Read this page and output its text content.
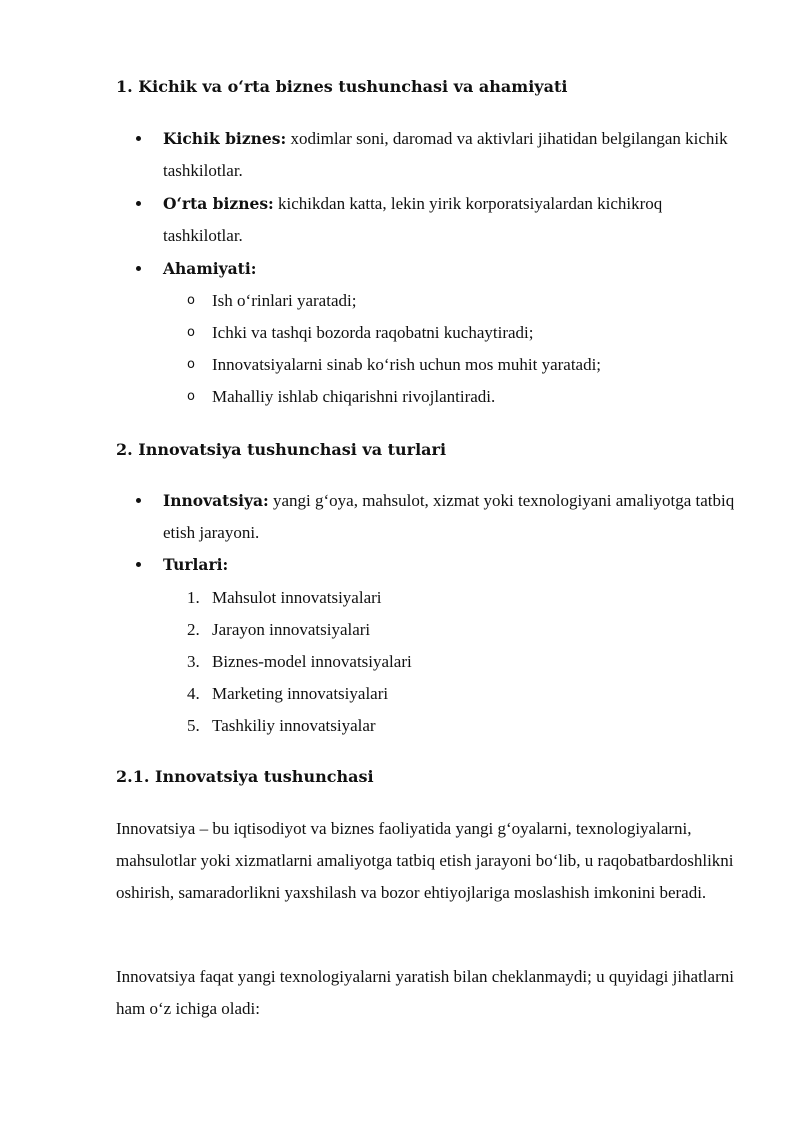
1. Kichik va o‘rta biznes tushunchasi va ahamiyati
Kichik biznes: xodimlar soni, daromad va aktivlari jihatidan belgilangan kichik tashkilotlar.
O‘rta biznes: kichikdan katta, lekin yirik korporatsiyalardan kichikroq tashkilotlar.
Ahamiyati:
o	Ish o‘rinlari yaratadi;
o	Ichki va tashqi bozorda raqobatni kuchaytiradi;
o	Innovatsiyalarni sinab ko‘rish uchun mos muhit yaratadi;
o	Mahalliy ishlab chiqarishni rivojlantiradi.
2. Innovatsiya tushunchasi va turlari
Innovatsiya: yangi g‘oya, mahsulot, xizmat yoki texnologiyani amaliyotga tatbiq etish jarayoni.
Turlari:
1. Mahsulot innovatsiyalari
2. Jarayon innovatsiyalari
3. Biznes-model innovatsiyalari
4. Marketing innovatsiyalari
5. Tashkiliy innovatsiyalar
2.1. Innovatsiya tushunchasi

Innovatsiya – bu iqtisodiyot va biznes faoliyatida yangi g‘oyalarni, texnologiyalarni, mahsulotlar yoki xizmatlarni amaliyotga tatbiq etish jarayoni bo‘lib, u raqobatbardoshlikni oshirish, samaradorlikni yaxshilash va bozor ehtiyojlariga moslashish imkonini beradi.

Innovatsiya faqat yangi texnologiyalarni yaratish bilan cheklanmaydi; u quyidagi jihatlarni ham o‘z ichiga oladi:
